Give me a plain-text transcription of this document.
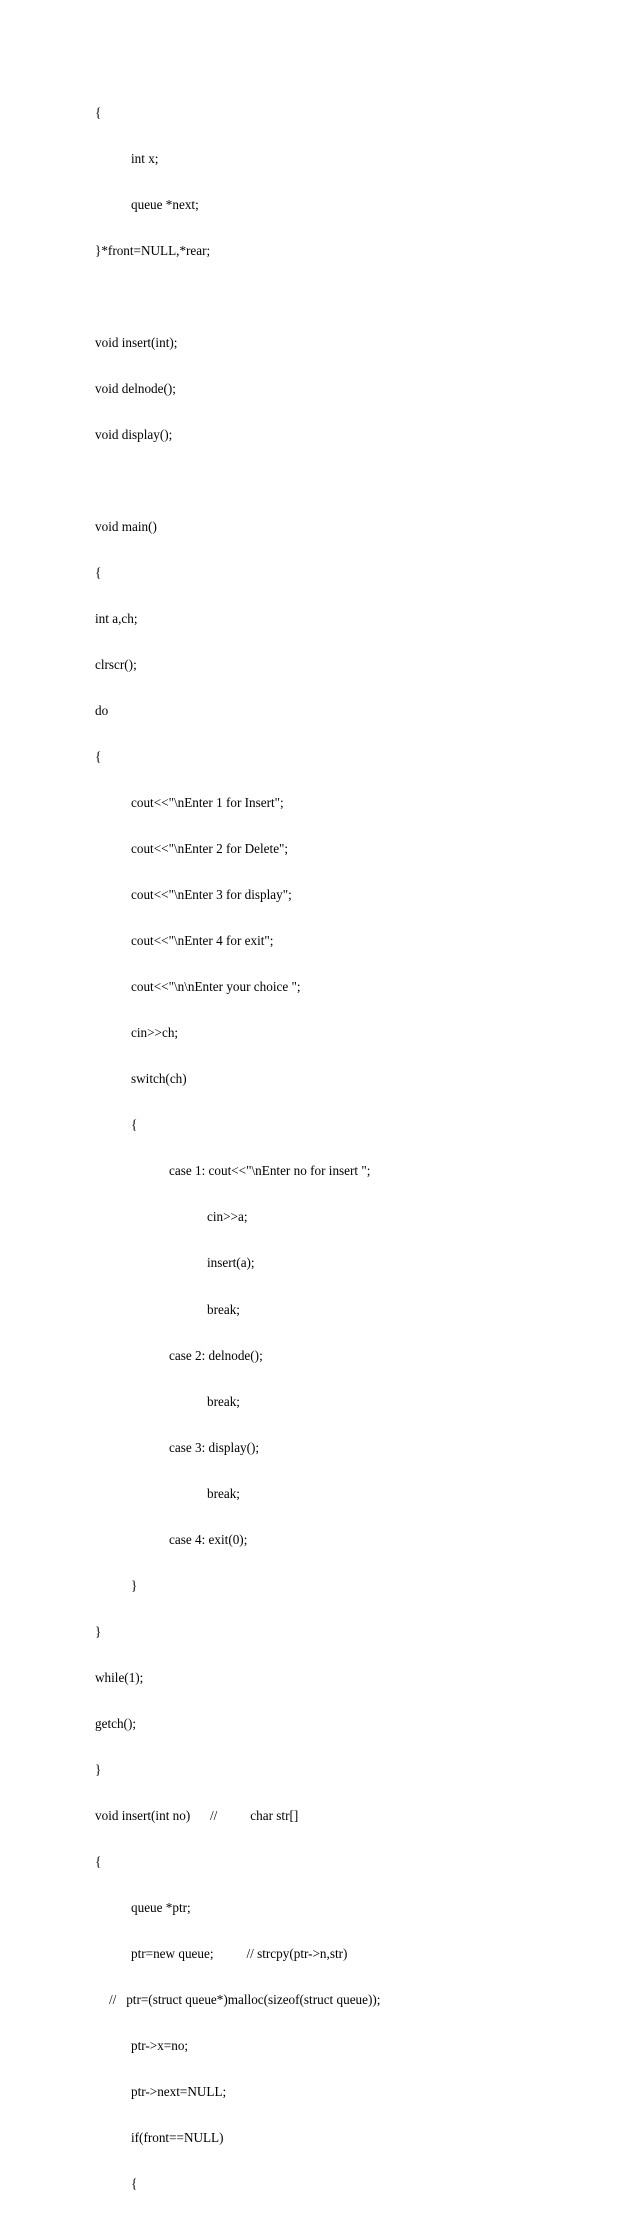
{

int x;

queue *next;

}*front=NULL,*rear;

void insert(int);

void delnode();

void display();

void main()

{

int a,ch;

clrscr();

do

{

cout<<"\nEnter 1 for Insert";

cout<<"\nEnter 2 for Delete";

cout<<"\nEnter 3 for display";

cout<<"\nEnter 4 for exit";

cout<<"\n\nEnter your choice ";

cin>>ch;

switch(ch)

{

case 1: cout<<"\nEnter no for insert ";

cin>>a;

insert(a);

break;

case 2: delnode();

break;

case 3: display();

break;

case 4: exit(0);

}

}

while(1);

getch();

}

void insert(int no)      //          char str[]

{

queue *ptr;

ptr=new queue;          // strcpy(ptr->n,str)

//   ptr=(struct queue*)malloc(sizeof(struct queue));

ptr->x=no;

ptr->next=NULL;

if(front==NULL)

{
